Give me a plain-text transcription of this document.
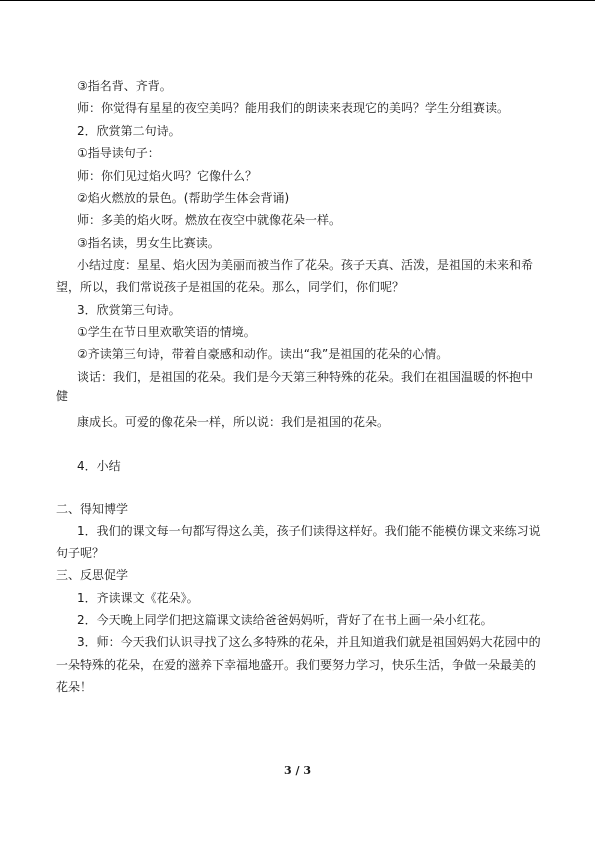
③指名背、齐背。
师：你觉得有星星的夜空美吗？能用我们的朗读来表现它的美吗？学生分组赛读。
2．欣赏第二句诗。
①指导读句子：
师：你们见过焰火吗？它像什么？
②焰火燃放的景色。(帮助学生体会背诵)
师：多美的焰火呀。燃放在夜空中就像花朵一样。
③指名读，男女生比赛读。
小结过度：星星、焰火因为美丽而被当作了花朵。孩子天真、活泼，是祖国的未来和希
望，所以，我们常说孩子是祖国的花朵。那么，同学们，你们呢？
3．欣赏第三句诗。
①学生在节日里欢歌笑语的情境。
②齐读第三句诗，带着自豪感和动作。读出“我”是祖国的花朵的心情。
谈话：我们，是祖国的花朵。我们是今天第三种特殊的花朵。我们在祖国温暖的怀抱中
健
康成长。可爱的像花朵一样，所以说：我们是祖国的花朵。
4．小结
二、得知博学
1．我们的课文每一句都写得这么美，孩子们读得这样好。我们能不能模仿课文来练习说
句子呢？
三、反思促学
1．齐读课文《花朵》。
2．今天晚上同学们把这篇课文读给爸爸妈妈听，背好了在书上画一朵小红花。
3．师：今天我们认识寻找了这么多特殊的花朵，并且知道我们就是祖国妈妈大花园中的
一朵特殊的花朵，在爱的滋养下幸福地盛开。我们要努力学习，快乐生活，争做一朵最美的
花朵！
3 / 3
